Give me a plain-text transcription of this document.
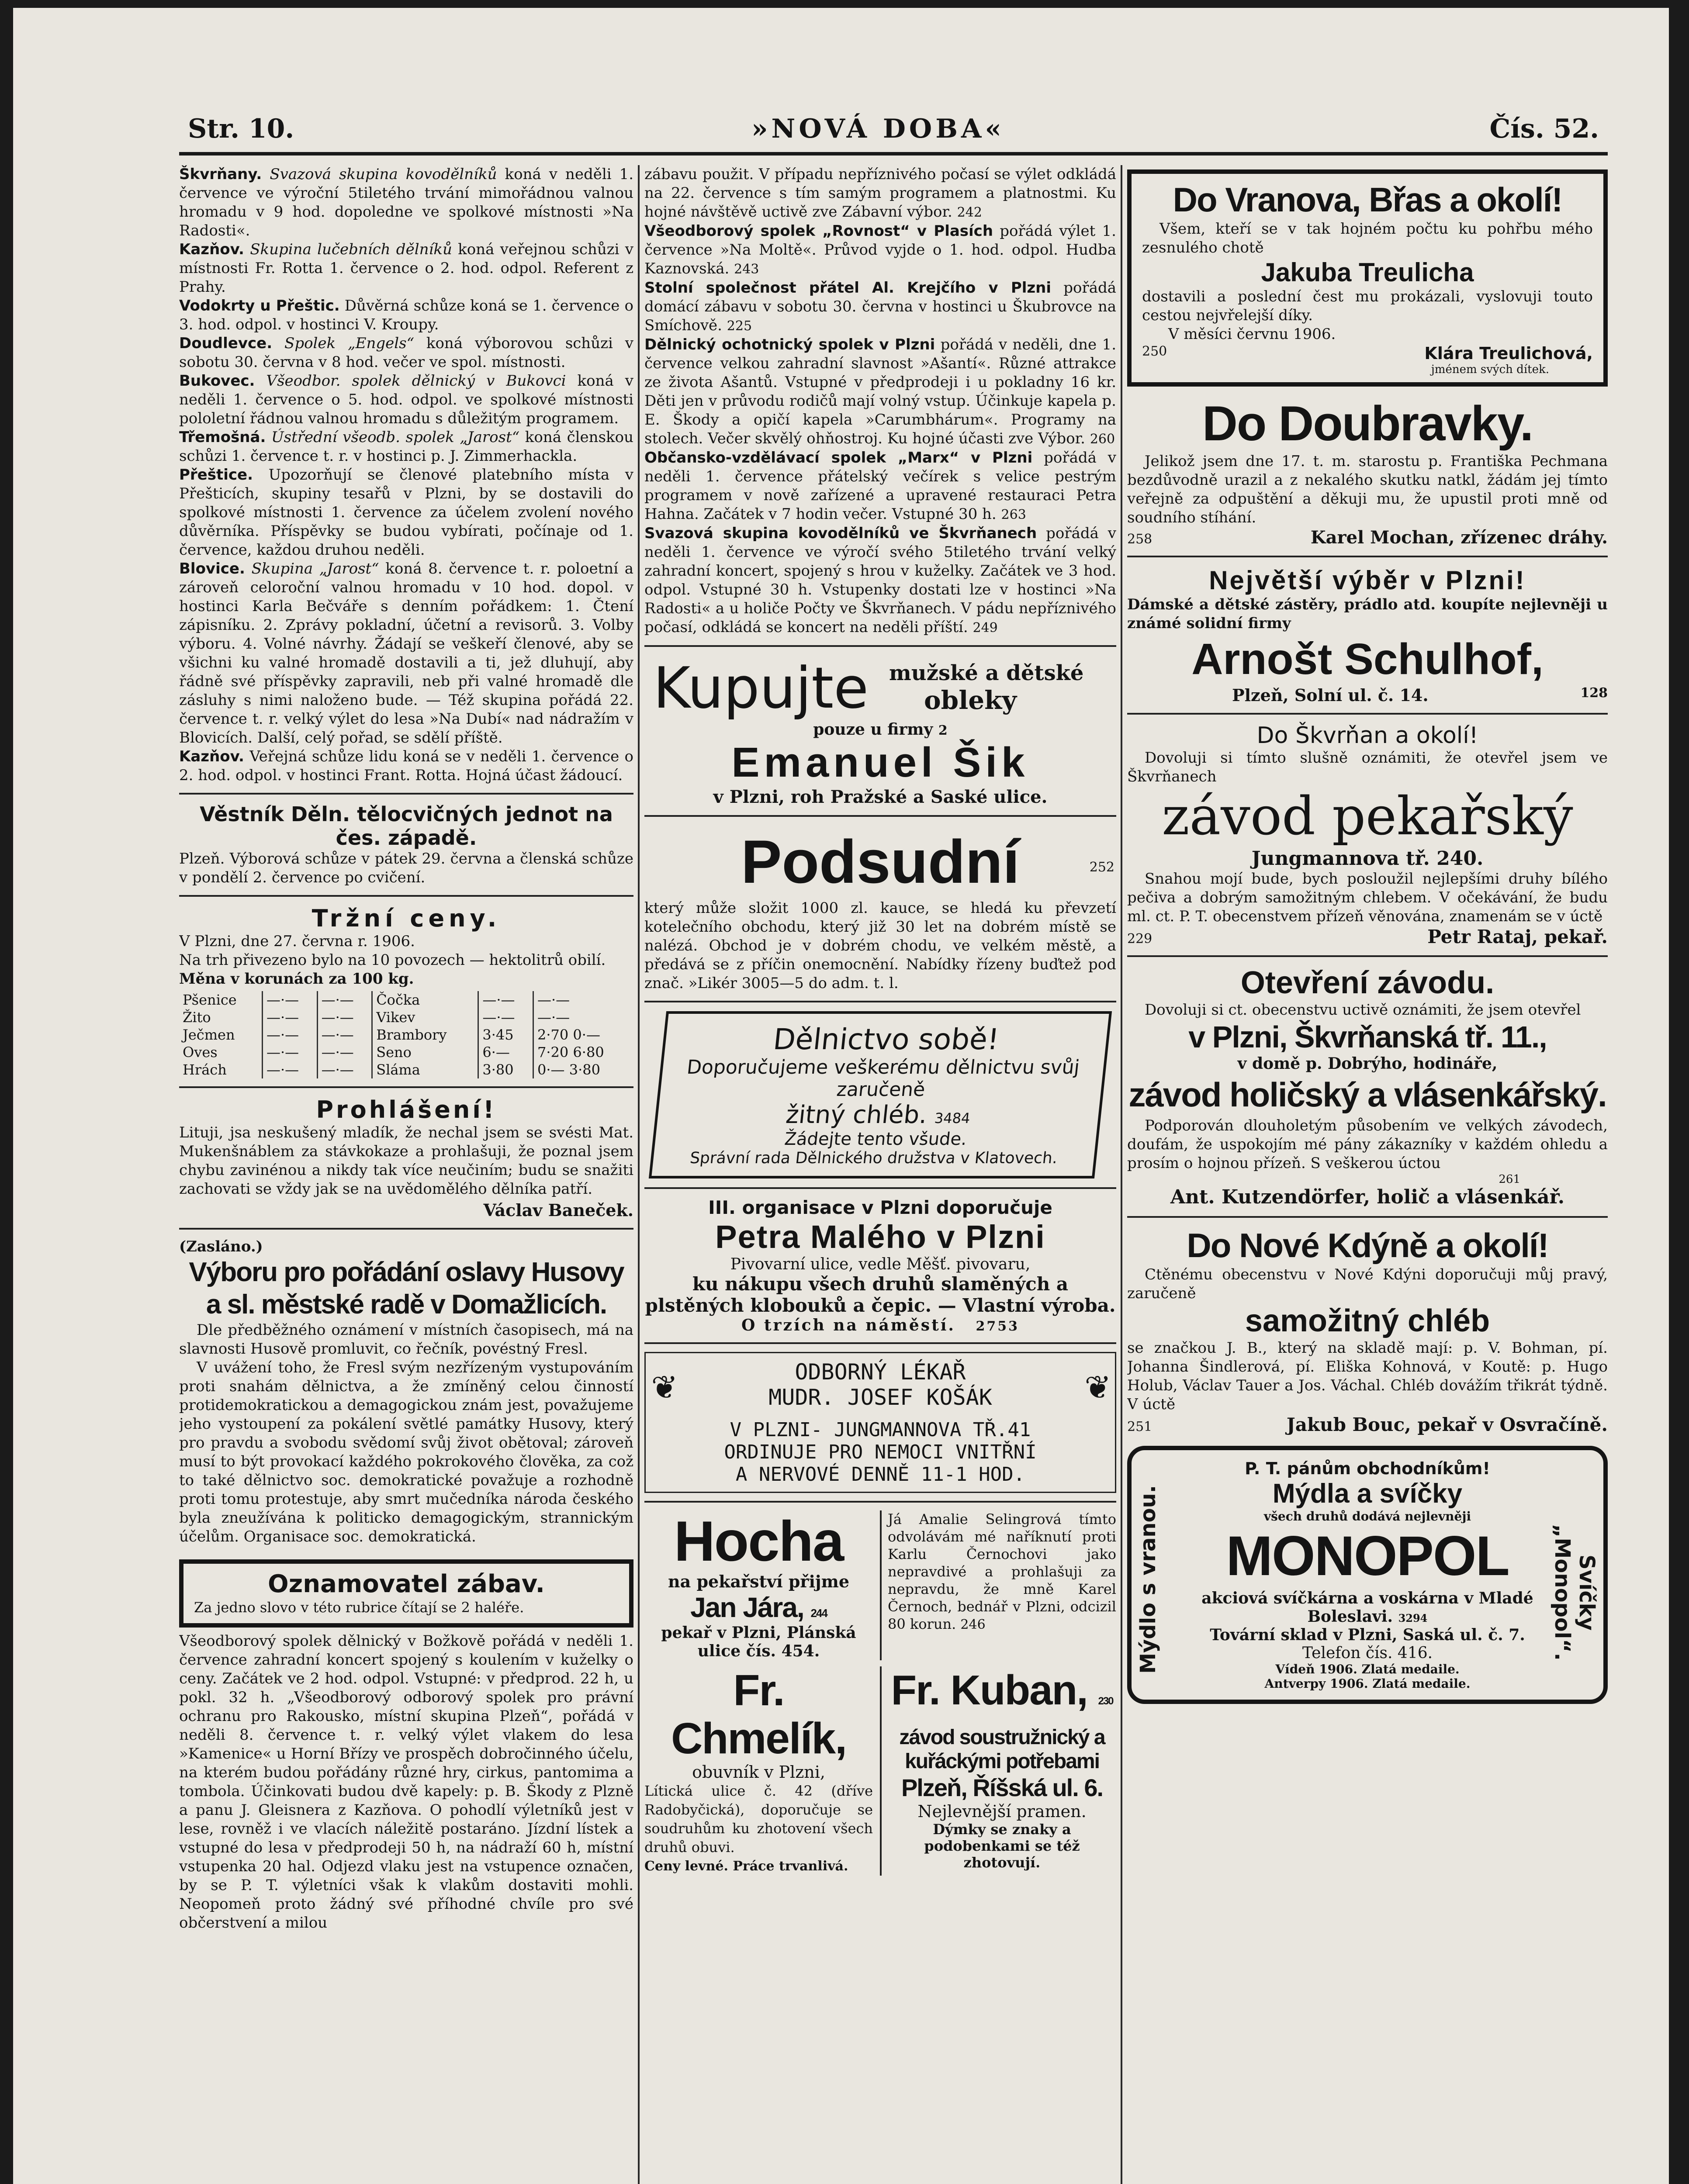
Str. 10.	»NOVÁ DOBA«	Čís. 52.

Škvrňany. Svazová skupina kovodělníků koná v neděli 1. července ve výroční 5tiletého trvání mimořádnou valnou hromadu v 9 hod. dopoledne ve spolkové místnosti »Na Radosti«.

Kazňov. Skupina lučebních dělníků koná veřejnou schůzi v místnosti Fr. Rotta 1. července o 2. hod. odpol. Referent z Prahy.

Vodokrty u Přeštic. Důvěrná schůze koná se 1. července o 3. hod. odpol. v hostinci V. Kroupy.

Doudlevce. Spolek „Engels“ koná výborovou schůzi v sobotu 30. června v 8 hod. večer ve spol. místnosti.

Bukovec. Všeodbor. spolek dělnický v Bukovci koná v neděli 1. července o 5. hod. odpol. ve spolkové místnosti pololetní řádnou valnou hromadu s důležitým programem.

Třemošná. Ústřední všeodb. spolek „Jarost“ koná členskou schůzi 1. července t. r. v hostinci p. J. Zimmerhackla.

Přeštice. Upozorňují se členové platebního místa v Přešticích, skupiny tesařů v Plzni, by se dostavili do spolkové místnosti 1. července za účelem zvolení nového důvěrníka. Příspěvky se budou vybírati, počínaje od 1. července, každou druhou neděli.

Blovice. Skupina „Jarost“ koná 8. července t. r. poloetní a zároveň celoroční valnou hromadu v 10 hod. dopol. v hostinci Karla Bečváře s denním pořádkem: 1. Čtení zápisníku. 2. Zprávy pokladní, účetní a revisorů. 3. Volby výboru. 4. Volné návrhy. Žádají se veškeří členové, aby se všichni ku valné hromadě dostavili a ti, jež dluhují, aby řádně své příspěvky zapravili, neb při valné hromadě dle zásluhy s nimi naloženo bude. — Též skupina pořádá 22. července t. r. velký výlet do lesa »Na Dubí« nad nádražím v Blovicích. Další, celý pořad, se sdělí příště.

Kazňov. Veřejná schůze lidu koná se v neděli 1. července o 2. hod. odpol. v hostinci Frant. Rotta. Hojná účast žádoucí.

Věstník Děln. tělocvičných jednot na čes. západě.

Plzeň. Výborová schůze v pátek 29. června a členská schůze v pondělí 2. července po cvičení.

Tržní ceny.

V Plzni, dne 27. června r. 1906.

Na trh přivezeno bylo na 10 povozech — hektolitrů obilí.

Měna v korunách za 100 kg.

Pšenice	—·—	—·—	Čočka	—·—	—·—
Žito	—·—	—·—	Vikev	—·—	—·—
Ječmen	—·—	—·—	Brambory	3·45	2·70 0·—
Oves	—·—	—·—	Seno	6·—	7·20 6·80
Hrách	—·—	—·—	Sláma	3·80	0·— 3·80
Prohlášení!

Lituji, jsa neskušený mladík, že nechal jsem se svésti Mat. Mukenšnáblem za stávkokaze a prohlašuji, že poznal jsem chybu zavinénou a nikdy tak více neučiním; budu se snažiti zachovati se vždy jak se na uvědomělého dělníka patří.

Václav Baneček.

(Zasláno.)

Výboru pro pořádání oslavy Husovy a sl. městské radě v Domažlicích.

Dle předběžného oznámení v místních časopisech, má na slavnosti Husově promluvit, co řečník, povéstný Fresl.

V uvážení toho, že Fresl svým nezřízeným vystupováním proti snahám dělnictva, a že zmíněný celou činností protidemokratickou a demagogickou znám jest, považujeme jeho vystoupení za pokálení světlé památky Husovy, který pro pravdu a svobodu svědomí svůj život obětoval; zároveň musí to být provokací každého pokrokového člověka, za což to také dělnictvo soc. demokratické považuje a rozhodně proti tomu protestuje, aby smrt mučedníka národa českého byla zneužívána k politicko demagogickým, strannickým účelům. Organisace soc. demokratická.

Oznamovatel zábav.

Za jedno slovo v této rubrice čítají se 2 haléře.

Všeodborový spolek dělnický v Božkově pořádá v neděli 1. července zahradní koncert spojený s koulením v kuželky o ceny. Začátek ve 2 hod. odpol. Vstupné: v předprod. 22 h, u pokl. 32 h. „Všeodborový odborový spolek pro právní ochranu pro Rakousko, místní skupina Plzeň“, pořádá v neděli 8. července t. r. velký výlet vlakem do lesa »Kamenice« u Horní Břízy ve prospěch dobročinného účelu, na kterém budou pořádány různé hry, cirkus, pantomima a tombola. Účinkovati budou dvě kapely: p. B. Škody z Plzně a panu J. Gleisnera z Kazňova. O pohodlí výletníků jest v lese, rovněž i ve vlacích náležitě postaráno. Jízdní lístek a vstupné do lesa v předprodeji 50 h, na nádraží 60 h, místní vstupenka 20 hal. Odjezd vlaku jest na vstupence označen, by se P. T. výletníci však k vlakům dostaviti mohli. Neopomeň proto žádný své příhodné chvíle pro své občerstvení a milou

zábavu použit. V případu nepříznivého počasí se výlet odkládá na 22. července s tím samým programem a platnostmi. Ku hojné návštěvě uctivě zve Zábavní výbor. 242

Všeodborový spolek „Rovnost“ v Plasích pořádá výlet 1. července »Na Moltě«. Průvod vyjde o 1. hod. odpol. Hudba Kaznovská. 243

Stolní společnost přátel Al. Krejčího v Plzni pořádá domácí zábavu v sobotu 30. června v hostinci u Škubrovce na Smíchově. 225

Dělnický ochotnický spolek v Plzni pořádá v neděli, dne 1. července velkou zahradní slavnost »Ašantí«. Různé attrakce ze života Ašantů. Vstupné v předprodeji i u pokladny 16 kr. Děti jen v průvodu rodičů mají volný vstup. Účinkuje kapela p. E. Škody a opičí kapela »Carumbhárum«. Programy na stolech. Večer skvělý ohňostroj. Ku hojné účasti zve Výbor. 260

Občansko-vzdělávací spolek „Marx“ v Plzni pořádá v neděli 1. července přátelský večírek s velice pestrým programem v nově zařízené a upravené restauraci Petra Hahna. Začátek v 7 hodin večer. Vstupné 30 h. 263

Svazová skupina kovodělníků ve Škvrňanech pořádá v neděli 1. července ve výročí svého 5tiletého trvání velký zahradní koncert, spojený s hrou v kuželky. Začátek ve 3 hod. odpol. Vstupné 30 h. Vstupenky dostati lze v hostinci »Na Radosti« a u holiče Počty ve Škvrňanech. V pádu nepříznivého počasí, odkládá se koncert na neděli příští. 249

Kupujte mužské a dětské
obleky
pouze u firmy 2
Emanuel Šik
v Plzni, roh Pražské a Saské ulice.
Podsudní	252

který může složit 1000 zl. kauce, se hledá ku převzetí kotelečního obchodu, který již 30 let na dobrém místě se nalézá. Obchod je v dobrém chodu, ve velkém městě, a předává se z příčin onemocnění. Nabídky řízeny buďtež pod znač. »Likér 3005—5 do adm. t. l.

Dělnictvo sobě!
Doporučujeme veškerému dělnictvu svůj zaručeně
žitný chléb. 3484
Žádejte tento všude.
Správní rada Dělnického družstva v Klatovech.
III. organisace v Plzni doporučuje
Petra Malého v Plzni
Pivovarní ulice, vedle Měšť. pivovaru,
ku nákupu všech druhů slaměných a plstěných klobouků a čepic. — Vlastní výroba.
O trzích na náměstí. 2753
❦	ODBORNÝ LÉKAŘ
MUDR. JOSEF KOŠÁK ❦
V PLZNI- JUNGMANNOVA TŘ.41
ORDINUJE PRO NEMOCI VNITŘNÍ
A NERVOVÉ DENNĚ 11-1 HOD.
Hocha
na pekařství přijme
Jan Jára, 244
pekař v Plzni, Plánská ulice čís. 454.

Já Amalie Selingrová tímto odvolávám mé naříknutí proti Karlu Černochovi jako nepravdivé a prohlašuji za nepravdu, že mně Karel Černoch, bednář v Plzni, odcizil 80 korun. 246

Fr. Chmelík,
obuvník v Plzni,

Lítická ulice č. 42 (dříve Radobyčická), doporučuje se soudruhům ku zhotovení všech druhů obuvi.

Ceny levné. Práce trvanlivá.

Fr. Kuban, 230
závod soustružnický a kuřáckými potřebami
Plzeň, Říšská ul. 6.
Nejlevnější pramen.
Dýmky se znaky a podobenkami se též zhotovují.
Do Vranova, Břas a okolí!

Všem, kteří se v tak hojném počtu ku pohřbu mého zesnulého chotě

Jakuba Treulicha

dostavili a poslední čest mu prokázali, vyslovuji touto cestou nejvřelejší díky.

V měsíci červnu 1906.

250	Klára Treulichová,
jménem svých dítek.
Do Doubravky.

Jelikož jsem dne 17. t. m. starostu p. Františka Pechmana bezdůvodně urazil a z nekalého skutku natkl, žádám jej tímto veřejně za odpuštění a děkuji mu, že upustil proti mně od soudního stíhání.

258	Karel Mochan, zřízenec dráhy.
Největší výběr v Plzni!

Dámské a dětské zástěry, prádlo atd. koupíte nejlevněji u známé solidní firmy

Arnošt Schulhof,
Plzeň, Solní ul. č. 14.	128
Do Škvrňan a okolí!

Dovoluji si tímto slušně oznámiti, že otevřel jsem ve Škvrňanech

závod pekařský
Jungmannova tř. 240.

Snahou mojí bude, bych posloužil nejlepšími druhy bílého pečiva a dobrým samožitným chlebem. V očekávání, že budu ml. ct. P. T. obecenstvem přízeň věnována, znamenám se v úctě

229	Petr Rataj, pekař.
Otevření závodu.

Dovoluji si ct. obecenstvu uctivě oznámiti, že jsem otevřel

v Plzni, Škvrňanská tř. 11.,
v domě p. Dobrýho, hodináře,
závod holičský a vlásenkářský.

Podporován dlouholetým působením ve velkých závodech, doufám, že uspokojím mé pány zákazníky v každém ohledu a prosím o hojnou přízeň. S veškerou úctou

261
Ant. Kutzendörfer, holič a vlásenkář.
Do Nové Kdýně a okolí!

Ctěnému obecenstvu v Nové Kdýni doporučuji můj pravý, zaručeně

samožitný chléb

se značkou J. B., který na skladě mají: p. V. Bohman, pí. Johanna Šindlerová, pí. Eliška Kohnová, v Koutě: p. Hugo Holub, Václav Tauer a Jos. Váchal. Chléb dovážím třikrát týdně. V úctě

251	Jakub Bouc, pekař v Osvračíně.
Mýdlo s vranou.	Svíčky „Monopol“.
P. T. pánům obchodníkům!
Mýdla a svíčky
všech druhů dodává nejlevněji
MONOPOL
akciová svíčkárna a voskárna v Mladé Boleslavi. 3294
Tovární sklad v Plzni, Saská ul. č. 7.
Telefon čís. 416.
Vídeň 1906. Zlatá medaile.
Antverpy 1906. Zlatá medaile.
